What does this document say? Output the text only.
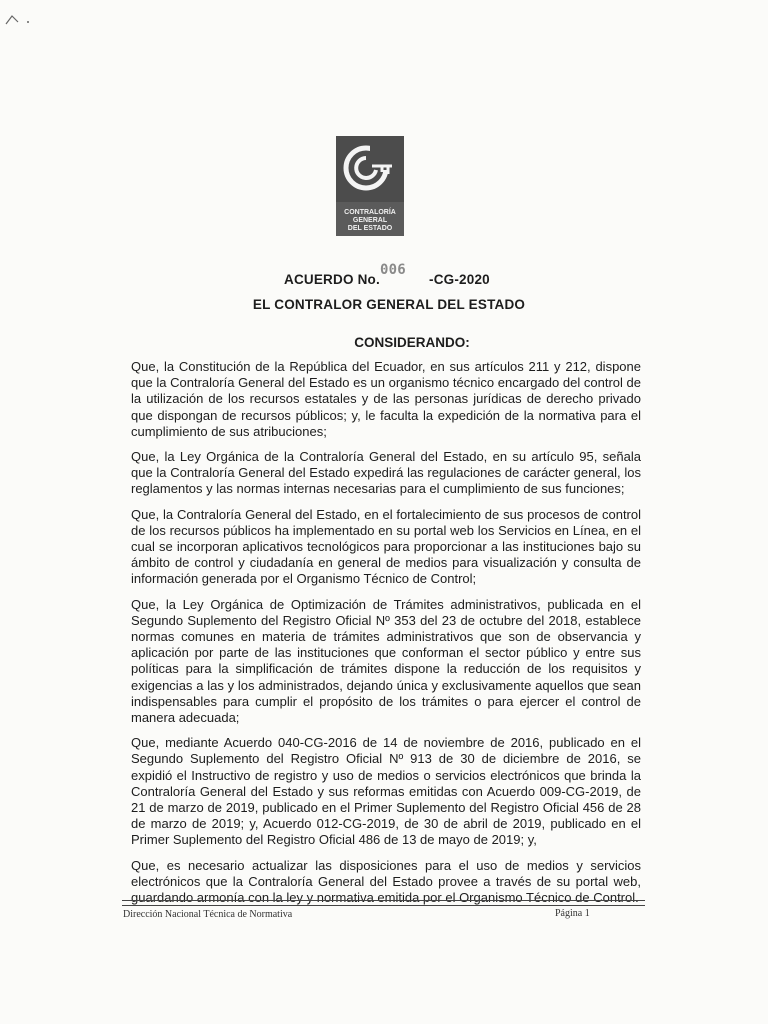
CONTRALORÍA
GENERAL
DEL ESTADO
ACUERDO No.
006
-CG-2020
EL CONTRALOR GENERAL DEL ESTADO
CONSIDERANDO:

Que, la Constitución de la República del Ecuador, en sus artículos 211 y 212, dispone que la Contraloría General del Estado es un organismo técnico encargado del control de la utilización de los recursos estatales y de las personas jurídicas de derecho privado que dispongan de recursos públicos; y, le faculta la expedición de la normativa para el cumplimiento de sus atribuciones;

Que, la Ley Orgánica de la Contraloría General del Estado, en su artículo 95, señala que la Contraloría General del Estado expedirá las regulaciones de carácter general, los reglamentos y las normas internas necesarias para el cumplimiento de sus funciones;

Que, la Contraloría General del Estado, en el fortalecimiento de sus procesos de control de los recursos públicos ha implementado en su portal web los Servicios en Línea, en el cual se incorporan aplicativos tecnológicos para proporcionar a las instituciones bajo su ámbito de control y ciudadanía en general de medios para visualización y consulta de información generada por el Organismo Técnico de Control;

Que, la Ley Orgánica de Optimización de Trámites administrativos, publicada en el Segundo Suplemento del Registro Oficial Nº 353 del 23 de octubre del 2018, establece normas comunes en materia de trámites administrativos que son de observancia y aplicación por parte de las instituciones que conforman el sector público y entre sus políticas para la simplificación de trámites dispone la reducción de los requisitos y exigencias a las y los administrados, dejando única y exclusivamente aquellos que sean indispensables para cumplir el propósito de los trámites o para ejercer el control de manera adecuada;

Que, mediante Acuerdo 040-CG-2016 de 14 de noviembre de 2016, publicado en el Segundo Suplemento del Registro Oficial Nº 913 de 30 de diciembre de 2016, se expidió el Instructivo de registro y uso de medios o servicios electrónicos que brinda la Contraloría General del Estado y sus reformas emitidas con Acuerdo 009-CG-2019, de 21 de marzo de 2019, publicado en el Primer Suplemento del Registro Oficial 456 de 28 de marzo de 2019; y, Acuerdo 012-CG-2019, de 30 de abril de 2019, publicado en el Primer Suplemento del Registro Oficial 486 de 13 de mayo de 2019; y,

Que, es necesario actualizar las disposiciones para el uso de medios y servicios electrónicos que la Contraloría General del Estado provee a través de su portal web, guardando armonía con la ley y normativa emitida por el Organismo Técnico de Control.

Dirección Nacional Técnica de Normativa	Página 1
